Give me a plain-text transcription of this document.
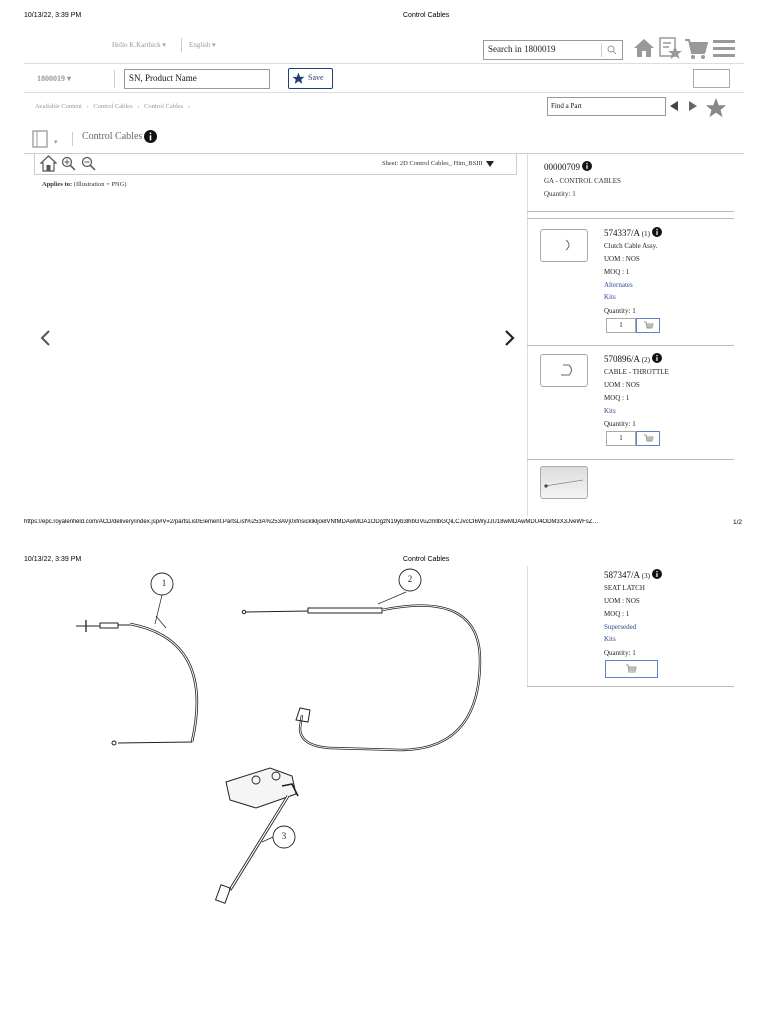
10/13/22, 3:39 PM	Control Cables
Hello K.Karthick ▾	English ▾	Search in 1800019
1800019 ▾	SN, Product Name	Save
Available Content › Control Cables › Control Cables ›	Find a Part
▾ Control Cables
Sheet: 2D Control Cables_ Him_BSIII
Applies to: (Illustration = PNG)
00000709
GA - CONTROL CABLES
Quantity: 1
574337/A (1)
Clutch Cable Assy.
UOM : NOS
MOQ : 1
Alternates
Kits
Quantity: 1
1
570896/A (2)
CABLE - THROTTLE
UOM : NOS
MOQ : 1
Kits
Quantity: 1
1
https://epc.royalenfield.com/ACD/delivery/index.jsp#V=2/partsList/Element.PartsList%253A%253AVj0xfnsicklkljoi8VNfMDAwMDA1ODgzN19yb3lhbGVuZmllbGQiLCJvcCI6WyJJU18wMDAwMDU4ODM3X3JveWFsZ…	1/2
10/13/22, 3:39 PM	Control Cables
1	2
3
587347/A (3)
SEAT LATCH
UOM : NOS
MOQ : 1
Superseded
Kits
Quantity: 1
